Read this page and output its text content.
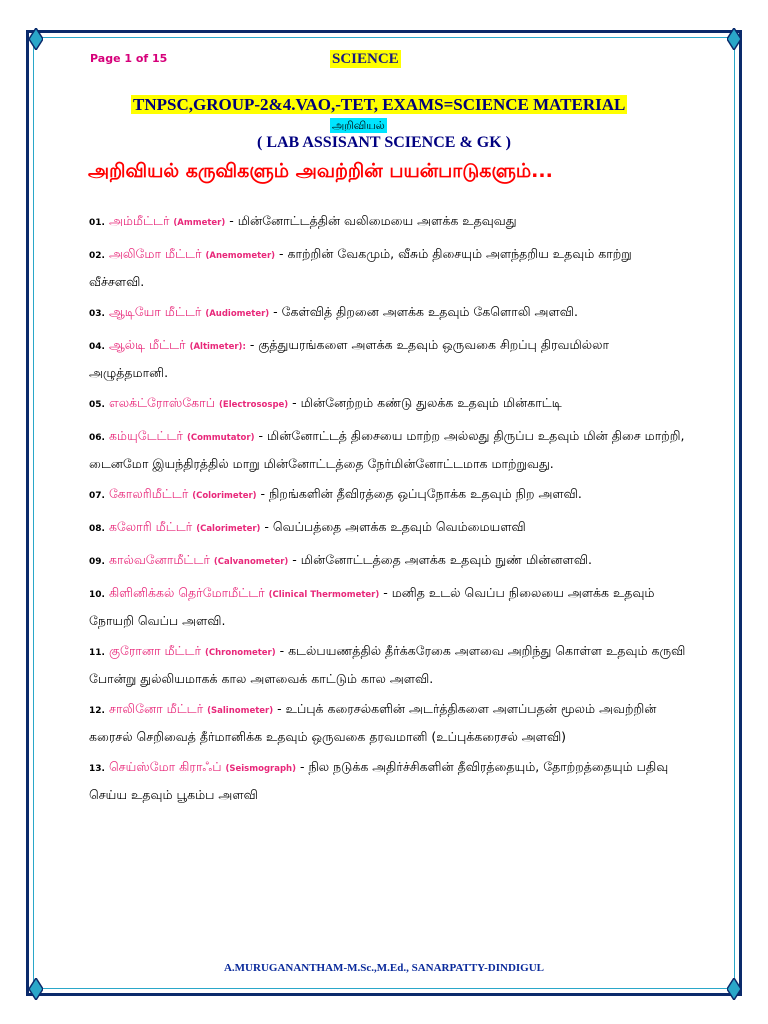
Page 1 of 15	SCIENCE
TNPSC,GROUP-2&4.VAO,-TET, EXAMS=SCIENCE MATERIAL
அறிவியல்
( LAB ASSISANT SCIENCE & GK )
அறிவியல் கருவிகளும் அவற்றின் பயன்பாடுகளும்...
01. அம்மீட்டர் (Ammeter) - மின்னோட்டத்தின் வலிமையை அளக்க உதவுவது
02. அலிமோ மீட்டர் (Anemometer) - காற்றின் வேகமும், வீசும் திசையும் அளந்தறிய உதவும் காற்று வீச்சளவி.
03. ஆடியோ மீட்டர் (Audiometer) - கேள்வித் திறனை அளக்க உதவும் கேளொலி அளவி.
04. ஆல்டி மீட்டர் (Altimeter): - குத்துயரங்களை அளக்க உதவும் ஒருவகை சிறப்பு திரவமில்லா அழுத்தமானி.
05. எலக்ட்ரோஸ்கோப் (Electrosospe) - மின்னேற்றம் கண்டு துலக்க உதவும் மின்காட்டி
06. கம்யுடேட்டர் (Commutator) - மின்னோட்டத் திசையை மாற்ற அல்லது திருப்ப உதவும் மின் திசை மாற்றி, டைனமோ இயந்திரத்தில் மாறு மின்னோட்டத்தை நேர்மின்னோட்டமாக மாற்றுவது.
07. கோலரிமீட்டர் (Colorimeter) - நிறங்களின் தீவிரத்தை ஒப்புநோக்க உதவும் நிற அளவி.
08. கலோரி மீட்டர் (Calorimeter) - வெப்பத்தை அளக்க உதவும் வெம்மையளவி
09. கால்வனோமீட்டர் (Calvanometer) - மின்னோட்டத்தை அளக்க உதவும் நுண் மின்னளவி.
10. கிளினிக்கல் தெர்மோமீட்டர் (Clinical Thermometer) - மனித உடல் வெப்ப நிலையை அளக்க உதவும் நோயறி வெப்ப அளவி.
11. குரோனா மீட்டர் (Chronometer) - கடல்பயணத்தில் தீர்க்கரேகை அளவை அறிந்து கொள்ள உதவும் கருவி போன்று துல்லியமாகக் கால அளவைக் காட்டும் கால அளவி.
12. சாலினோ மீட்டர் (Salinometer) - உப்புக் கரைசல்களின் அடர்த்திகளை அளப்பதன் மூலம் அவற்றின் கரைசல் செறிவைத் தீர்மானிக்க உதவும் ஒருவகை தரவமானி (உப்புக்கரைசல் அளவி)
13. செய்ஸ்மோ கிராஃப் (Seismograph) - நில நடுக்க அதிர்ச்சிகளின் தீவிரத்தையும், தோற்றத்தையும் பதிவு செய்ய உதவும் பூகம்ப அளவி
A.MURUGANANTHAM-M.Sc.,M.Ed., SANARPATTY-DINDIGUL
